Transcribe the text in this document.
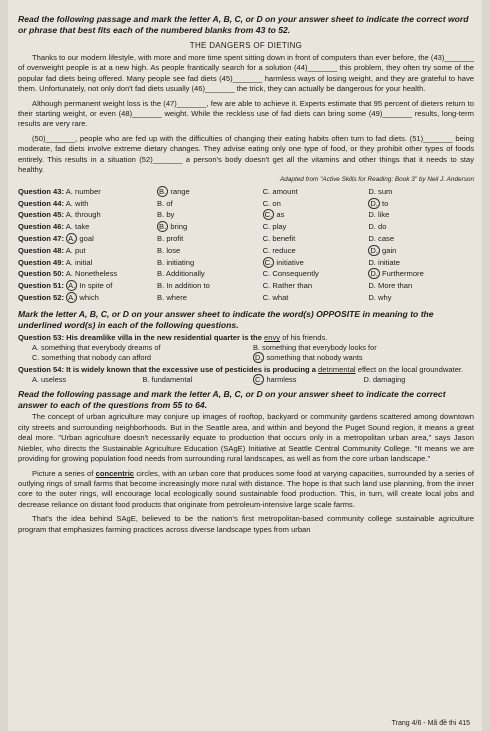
Read the following passage and mark the letter A, B, C, or D on your answer sheet to indicate the correct word or phrase that best fits each of the numbered blanks from 43 to 52.

THE DANGERS OF DIETING

Thanks to our modern lifestyle, with more and more time spent sitting down in front of computers than ever before, the (43)_______ of overweight people is at a new high. As people frantically search for a solution (44)_______ this problem, they often try some of the popular fad diets being offered. Many people see fad diets (45)_______ harmless ways of losing weight, and they are grateful to have them. Unfortunately, not only don't fad diets usually (46)_______ the trick, they can actually be dangerous for your health.

Although permanent weight loss is the (47)_______, few are able to achieve it. Experts estimate that 95 percent of dieters return to their starting weight, or even (48)_______ weight. While the reckless use of fad diets can bring some (49)_______ results, long-term results are very rare.

(50)_______, people who are fed up with the difficulties of changing their eating habits often turn to fad diets. (51)_______ being moderate, fad diets involve extreme dietary changes. They advise eating only one type of food, or they prohibit other types of foods entirely. This results in a situation (52)_______ a person's body doesn't get all the vitamins and other things that it needs to stay healthy.

Adapted from "Active Skills for Reading: Book 3" by Neil J. Anderson
Question 43: A. number	B. range	C. amount	D. sum
Question 44: A. with	B. of	C. on	D. to
Question 45: A. through	B. by	C. as	D. like
Question 46: A. take	B. bring	C. play	D. do
Question 47: A. goal	B. profit	C. benefit	D. case
Question 48: A. put	B. lose	C. reduce	D. gain
Question 49: A. initial	B. initiating	C. initiative	D. initiate
Question 50: A. Nonetheless	B. Additionally	C. Consequently	D. Furthermore
Question 51: A. In spite of	B. In addition to	C. Rather than	D. More than
Question 52: A. which	B. where	C. what	D. why

Mark the letter A, B, C, or D on your answer sheet to indicate the word(s) OPPOSITE in meaning to the underlined word(s) in each of the following questions.

Question 53: His dreamlike villa in the new residential quarter is the envy of his friends.

A. something that everybody dreams of	B. something that everybody looks for
C. something that nobody can afford	D. something that nobody wants

Question 54: It is widely known that the excessive use of pesticides is producing a detrimental effect on the local groundwater.

A. useless	B. fundamental	C. harmless	D. damaging

Read the following passage and mark the letter A, B, C, or D on your answer sheet to indicate the correct answer to each of the questions from 55 to 64.

The concept of urban agriculture may conjure up images of rooftop, backyard or community gardens scattered among downtown city streets and surrounding neighborhoods. But in the Seattle area, and within and beyond the Puget Sound region, it means a great deal more. "Urban agriculture doesn't necessarily equate to production that occurs only in a metropolitan urban area," says Jason Niebler, who directs the Sustainable Agriculture Education (SAgE) Initiative at Seattle Central Community College. "It means we are providing for growing population food needs from surrounding rural landscapes, as well as from the core urban landscape."

Picture a series of concentric circles, with an urban core that produces some food at varying capacities, surrounded by a series of outlying rings of small farms that become increasingly more rural with distance. The hope is that such land use planning, from the inner core to the outer rings, will encourage local ecologically sound sustainable food production. This, in turn, will create local jobs and decrease reliance on distant food products that originate from petroleum-intensive large scale farms.

That's the idea behind SAgE, believed to be the nation's first metropolitan-based community college sustainable agriculture program that emphasizes farming practices across diverse landscape types from urban

Trang 4/6 - Mã đề thi 415
